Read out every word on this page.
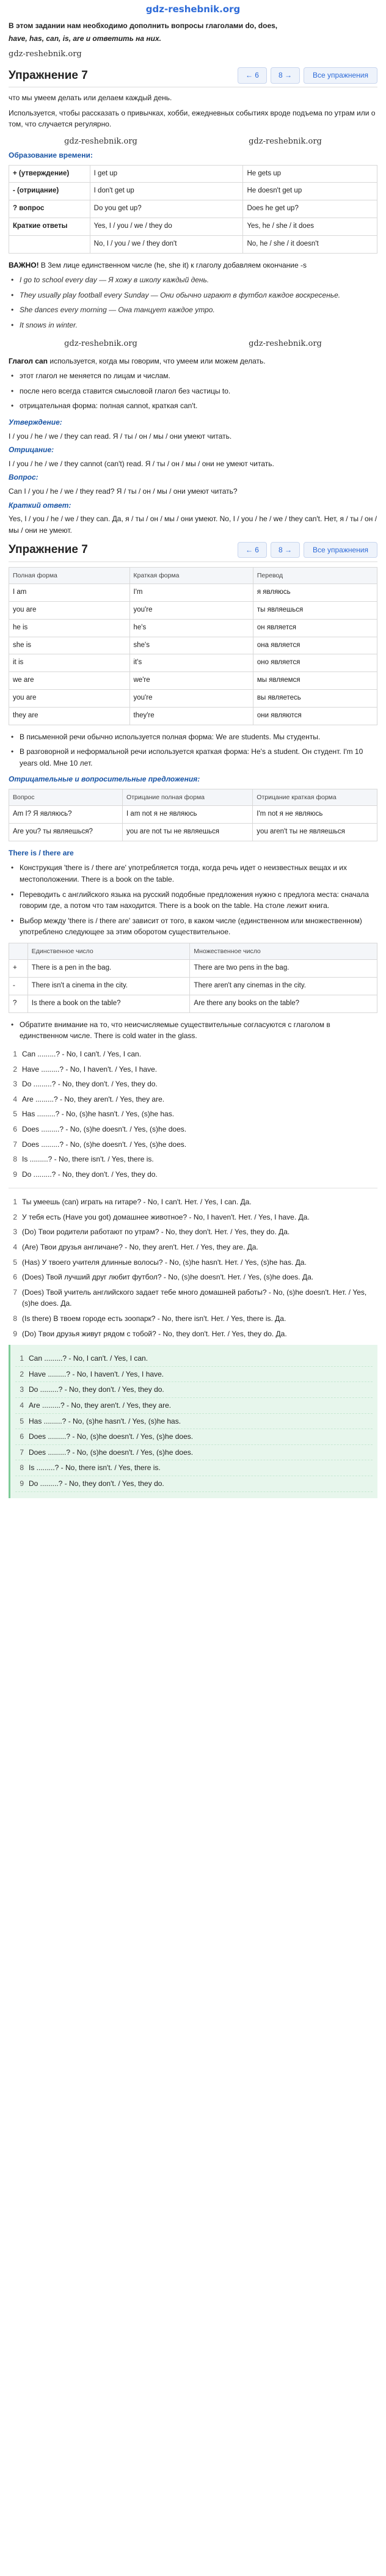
gdz-reshebnik.org

В этом задании нам необходимо дополнить вопросы глаголами do, does,

have, has, can, is, are и ответить на них.

gdz-reshebnik.org
Упражнение 7	← 6	8 →	Все упражнения

что мы умеем делать или делаем каждый день.

Используется, чтобы рассказать о привычках, хобби, ежедневных событиях вроде подъема по утрам или о том, что случается регулярно.

gdz-reshebnik.org	gdz-reshebnik.org

Образование времени:

+ (утверждение)	I get up	He gets up
- (отрицание)	I don't get up	He doesn't get up
? вопрос	Do you get up?	Does he get up?
Краткие ответы	Yes, I / you / we / they do	Yes, he / she / it does
	No, I / you / we / they don't	No, he / she / it doesn't

ВАЖНО! В 3ем лице единственном числе (he, she it) к глаголу добавляем окончание -s

• I go to school every day — Я хожу в школу каждый день.
• They usually play football every Sunday — Они обычно играют в футбол каждое воскресенье.
• She dances every morning — Она танцует каждое утро.
• It snows in winter.
gdz-reshebnik.org	gdz-reshebnik.org

Глагол can используется, когда мы говорим, что умеем или можем делать.

• этот глагол не меняется по лицам и числам.
• после него всегда ставится смысловой глагол без частицы to.
• отрицательная форма: полная cannot, краткая can't.

Утверждение:

I / you / he / we / they can read. Я / ты / он / мы / они умеют читать.

Отрицание:

I / you / he / we / they cannot (can't) read. Я / ты / он / мы / они не умеют читать.

Вопрос:

Can I / you / he / we / they read? Я / ты / он / мы / они умеют читать?

Краткий ответ:

Yes, I / you / he / we / they can. Да, я / ты / он / мы / они умеют. No, I / you / he / we / they can't. Нет, я / ты / он / мы / они не умеют.

Упражнение 7	← 6	8 →	Все упражнения
Полная форма	Краткая форма	Перевод
I am	I'm	я являюсь
you are	you're	ты являешься
he is	he's	он является
she is	she's	она является
it is	it's	оно является
we are	we're	мы являемся
you are	you're	вы являетесь
they are	they're	они являются
• В письменной речи обычно используется полная форма: We are students. Мы студенты.
• В разговорной и неформальной речи используется краткая форма: He's a student. Он студент. I'm 10 years old. Мне 10 лет.

Отрицательные и вопросительные предложения:

Вопрос	Отрицание полная форма	Отрицание краткая форма
Am I? Я являюсь?	I am not я не являюсь	I'm not я не являюсь
Are you? ты являешься?	you are not ты не являешься	you aren't ты не являешься

There is / there are

• Конструкция 'there is / there are' употребляется тогда, когда речь идет о неизвестных вещах и их местоположении. There is a book on the table.
• Переводить с английского языка на русский подобные предложения нужно с предлога места: сначала говорим где, а потом что там находится. There is a book on the table. На столе лежит книга.
• Выбор между 'there is / there are' зависит от того, в каком числе (единственном или множественном) употреблено следующее за этим оборотом существительное.
	Единственное число	Множественное число
+	There is a pen in the bag.	There are two pens in the bag.
-	There isn't a cinema in the city.	There aren't any cinemas in the city.
?	Is there a book on the table?	Are there any books on the table?
• Обратите внимание на то, что неисчисляемые существительные согласуются с глаголом в единственном числе. There is cold water in the glass.
1 Can .........? - No, I can't. / Yes, I can.
2 Have .........? - No, I haven't. / Yes, I have.
3 Do .........? - No, they don't. / Yes, they do.
4 Are .........? - No, they aren't. / Yes, they are.
5 Has .........? - No, (s)he hasn't. / Yes, (s)he has.
6 Does .........? - No, (s)he doesn't. / Yes, (s)he does.
7 Does .........? - No, (s)he doesn't. / Yes, (s)he does.
8 Is .........? - No, there isn't. / Yes, there is.
9 Do .........? - No, they don't. / Yes, they do.
1 Ты умеешь (can) играть на гитаре? - No, I can't. Нет. / Yes, I can. Да.
2 У тебя есть (Have you got) домашнее животное? - No, I haven't. Нет. / Yes, I have. Да.
3 (Do) Твои родители работают по утрам? - No, they don't. Нет. / Yes, they do. Да.
4 (Are) Твои друзья англичане? - No, they aren't. Нет. / Yes, they are. Да.
5 (Has) У твоего учителя длинные волосы? - No, (s)he hasn't. Нет. / Yes, (s)he has. Да.
6 (Does) Твой лучший друг любит футбол? - No, (s)he doesn't. Нет. / Yes, (s)he does. Да.
7 (Does) Твой учитель английского задает тебе много домашней работы? - No, (s)he doesn't. Нет. / Yes, (s)he does. Да.
8 (Is there) В твоем городе есть зоопарк? - No, there isn't. Нет. / Yes, there is. Да.
9 (Do) Твои друзья живут рядом с тобой? - No, they don't. Нет. / Yes, they do. Да.
1 Can .........? - No, I can't. / Yes, I can.
2 Have .........? - No, I haven't. / Yes, I have.
3 Do .........? - No, they don't. / Yes, they do.
4 Are .........? - No, they aren't. / Yes, they are.
5 Has .........? - No, (s)he hasn't. / Yes, (s)he has.
6 Does .........? - No, (s)he doesn't. / Yes, (s)he does.
7 Does .........? - No, (s)he doesn't. / Yes, (s)he does.
8 Is .........? - No, there isn't. / Yes, there is.
9 Do .........? - No, they don't. / Yes, they do.
